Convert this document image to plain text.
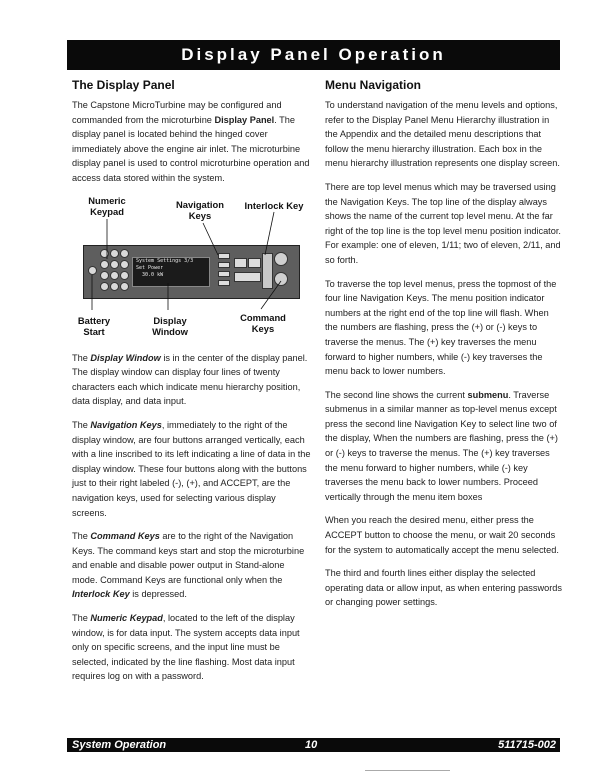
Display Panel Operation
The Display Panel

The Capstone MicroTurbine may be configured and commanded from the microturbine Display Panel. The display panel is located behind the hinged cover immediately above the engine air inlet. The microturbine display panel is used to control microturbine operation and access data stored within the system.

Numeric
Keypad
Navigation
Keys
Interlock Key
System Settings 3/3
Set Power
30.0 kW
Battery
Start
Display
Window
Command
Keys

The Display Window is in the center of the display panel. The display window can display four lines of twenty characters each which indicate menu hierarchy position, data display, and data input.

The Navigation Keys, immediately to the right of the display window, are four buttons arranged vertically, each with a line inscribed to its left indicating a line of data in the display window. These four buttons along with the buttons just to their right labeled (-), (+), and ACCEPT, are the navigation keys, used for selecting various display screens.

The Command Keys are to the right of the Navigation Keys. The command keys start and stop the microturbine and enable and disable power output in Stand-alone mode. Command Keys are functional only when the Interlock Key is depressed.

The Numeric Keypad, located to the left of the display window, is for data input. The system accepts data input only on specific screens, and the input line must be selected, indicated by the line flashing. Most data input requires log on with a password.

Menu Navigation

To understand navigation of the menu levels and options, refer to the Display Panel Menu Hierarchy illustration in the Appendix and the detailed menu descriptions that follow the menu hierarchy illustration. Each box in the menu hierarchy illustration represents one display screen.

There are top level menus which may be traversed using the Navigation Keys. The top line of the display always shows the name of the current top level menu. At the far right of the top line is the top level menu position indicator. For example: one of eleven, 1/11; two of eleven, 2/11, and so forth.

To traverse the top level menus, press the topmost of the four line Navigation Keys. The menu position indicator numbers at the right end of the top line will flash. When the numbers are flashing, press the (+) or (-) keys to traverse the menus. The (+) key traverses the menu forward to higher numbers, while (-) key traverses the menu back to lower numbers.

The second line shows the current submenu. Traverse submenus in a similar manner as top-level menus except press the second line Navigation Key to select line two of the display, When the numbers are flashing, press the (+) or (-) keys to traverse the menus. The (+) key traverses the menu forward to higher numbers, while (-) key traverses the menu back to lower numbers. Proceed vertically through the menu item boxes

When you reach the desired menu, either press the ACCEPT button to choose the menu, or wait 20 seconds for the system to automatically accept the menu selected.

The third and fourth lines either display the selected operating data or allow input, as when entering passwords or changing power settings.

System Operation	10	511715-002
